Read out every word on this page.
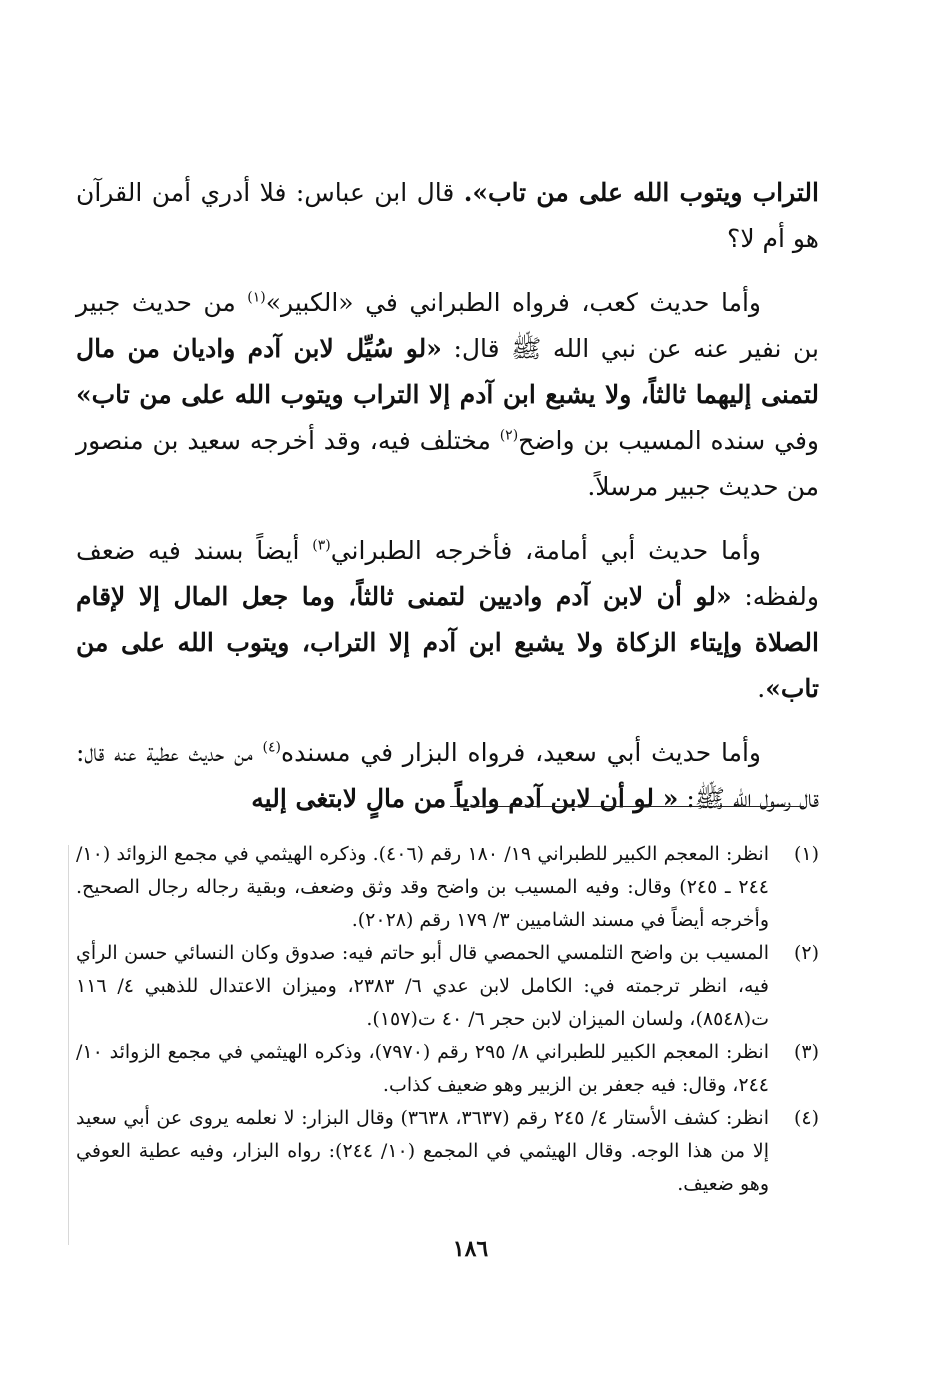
التراب ويتوب الله على من تاب». قال ابن عباس: فلا أدري أمن القرآن هو أم لا؟

وأما حديث كعب، فرواه الطبراني في «الكبير»$^{(١)}$ من حديث جبير بن نفير عنه عن نبي الله ﷺ قال: «لو سُيِّل لابن آدم واديان من مال لتمنى إليهما ثالثاً، ولا يشبع ابن آدم إلا التراب ويتوب الله على من تاب» وفي سنده المسيب بن واضح$^{(٢)}$ مختلف فيه، وقد أخرجه سعيد بن منصور من حديث جبير مرسلاً.

وأما حديث أبي أمامة، فأخرجه الطبراني$^{(٣)}$ أيضاً بسند فيه ضعف ولفظه: «لو أن لابن آدم واديين لتمنى ثالثاً، وما جعل المال إلا لإقام الصلاة وإيتاء الزكاة ولا يشبع ابن آدم إلا التراب، ويتوب الله على من تاب».

وأما حديث أبي سعيد، فرواه البزار في مسنده$^{(٤)}$ من حديث عطية عنه قال: قال رسول الله ﷺ: « لو أن لابن آدم وادياً من مالٍ لابتغى إليه

(١)
انظر: المعجم الكبير للطبراني ١٩/ ١٨٠ رقم (٤٠٦). وذكره الهيثمي في مجمع الزوائد (١٠/ ٢٤٤ ـ ٢٤٥) وقال: وفيه المسيب بن واضح وقد وثق وضعف، وبقية رجاله رجال الصحيح. وأخرجه أيضاً في مسند الشاميين ٣/ ١٧٩ رقم (٢٠٢٨).
(٢)
المسيب بن واضح التلمسي الحمصي قال أبو حاتم فيه: صدوق وكان النسائي حسن الرأي فيه، انظر ترجمته في: الكامل لابن عدي ٦/ ٢٣٨٣، وميزان الاعتدال للذهبي ٤/ ١١٦ ت(٨٥٤٨)، ولسان الميزان لابن حجر ٦/ ٤٠ ت(١٥٧).
(٣)
انظر: المعجم الكبير للطبراني ٨/ ٢٩٥ رقم (٧٩٧٠)، وذكره الهيثمي في مجمع الزوائد ١٠/ ٢٤٤، وقال: فيه جعفر بن الزبير وهو ضعيف كذاب.
(٤)
انظر: كشف الأستار ٤/ ٢٤٥ رقم (٣٦٣٧، ٣٦٣٨) وقال البزار: لا نعلمه يروى عن أبي سعيد إلا من هذا الوجه. وقال الهيثمي في المجمع (١٠/ ٢٤٤): رواه البزار، وفيه عطية العوفي وهو ضعيف.
١٨٦
